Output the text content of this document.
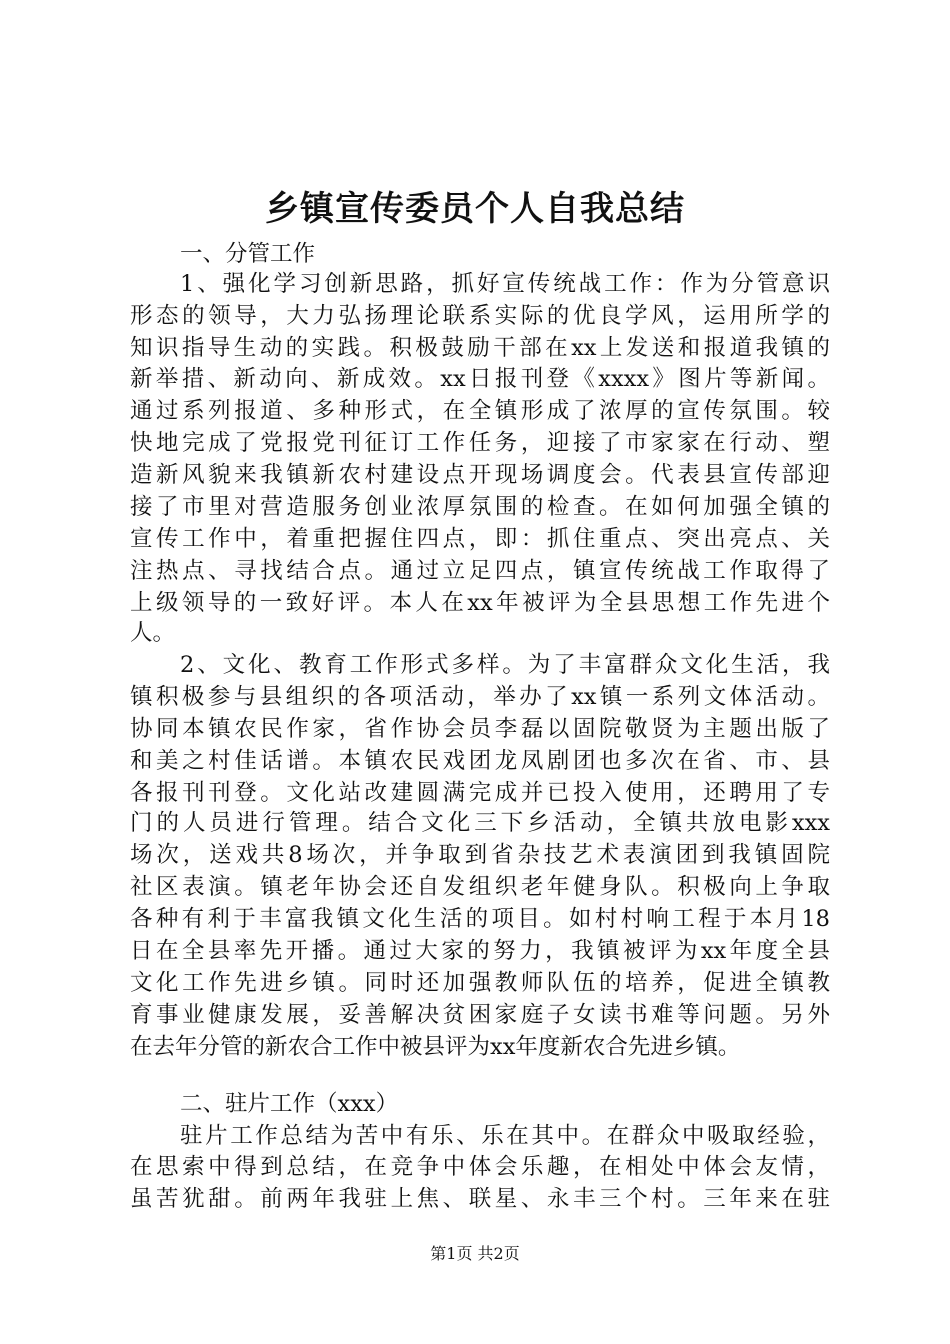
乡镇宣传委员个人自我总结
一、分管工作
1、强化学习创新思路，抓好宣传统战工作：作为分管意识
形态的领导，大力弘扬理论联系实际的优良学风，运用所学的
知识指导生动的实践。积极鼓励干部在xx上发送和报道我镇的
新举措、新动向、新成效。xx日报刊登《xxxx》图片等新闻。
通过系列报道、多种形式，在全镇形成了浓厚的宣传氛围。较
快地完成了党报党刊征订工作任务，迎接了市家家在行动、塑
造新风貌来我镇新农村建设点开现场调度会。代表县宣传部迎
接了市里对营造服务创业浓厚氛围的检查。在如何加强全镇的
宣传工作中，着重把握住四点，即：抓住重点、突出亮点、关
注热点、寻找结合点。通过立足四点，镇宣传统战工作取得了
上级领导的一致好评。本人在xx年被评为全县思想工作先进个
人。
2、文化、教育工作形式多样。为了丰富群众文化生活，我
镇积极参与县组织的各项活动，举办了xx镇一系列文体活动。
协同本镇农民作家，省作协会员李磊以固院敬贤为主题出版了
和美之村佳话谱。本镇农民戏团龙凤剧团也多次在省、市、县
各报刊刊登。文化站改建圆满完成并已投入使用，还聘用了专
门的人员进行管理。结合文化三下乡活动，全镇共放电影xxx
场次，送戏共8场次，并争取到省杂技艺术表演团到我镇固院
社区表演。镇老年协会还自发组织老年健身队。积极向上争取
各种有利于丰富我镇文化生活的项目。如村村响工程于本月18
日在全县率先开播。通过大家的努力，我镇被评为xx年度全县
文化工作先进乡镇。同时还加强教师队伍的培养，促进全镇教
育事业健康发展，妥善解决贫困家庭子女读书难等问题。另外
在去年分管的新农合工作中被县评为xx年度新农合先进乡镇。
二、驻片工作（xxx）
驻片工作总结为苦中有乐、乐在其中。在群众中吸取经验，
在思索中得到总结，在竞争中体会乐趣，在相处中体会友情，
虽苦犹甜。前两年我驻上焦、联星、永丰三个村。三年来在驻
第1页 共2页
